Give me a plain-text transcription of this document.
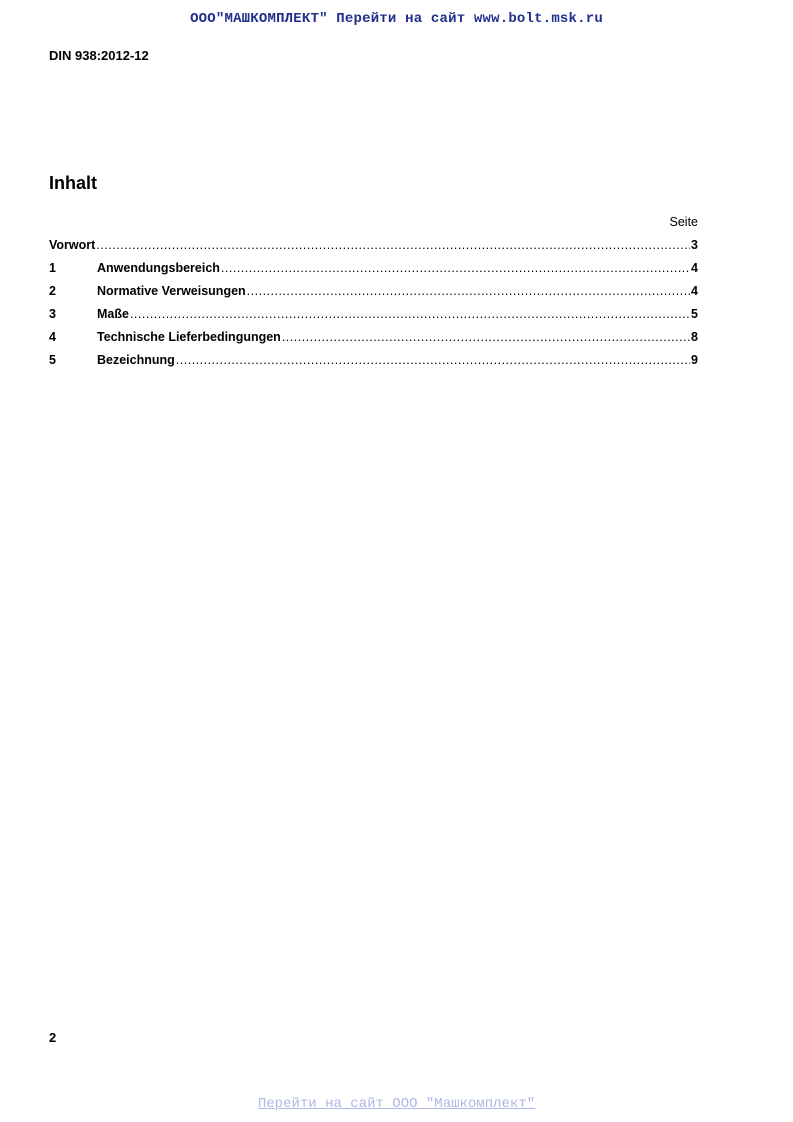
ООО"МАШКОМПЛЕКТ" Перейти на сайт www.bolt.msk.ru
DIN 938:2012-12
Inhalt
Seite
Vorwort .....	3
1	Anwendungsbereich .....	4
2	Normative Verweisungen .....	4
3	Maße .....	5
4	Technische Lieferbedingungen .....	8
5	Bezeichnung .....	9
2
Перейти на сайт ООО "Машкомплект"
